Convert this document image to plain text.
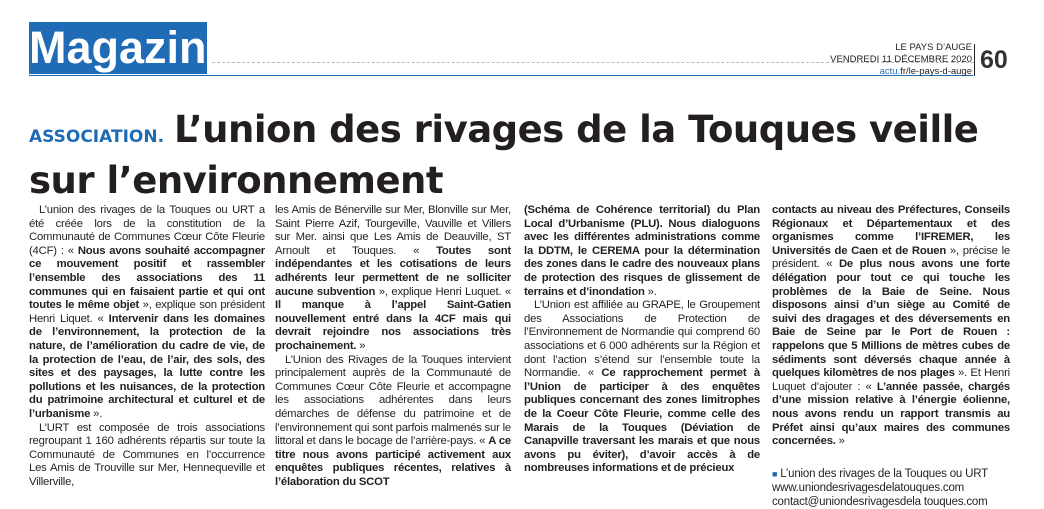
Magazine	LE PAYS D’AUGE
VENDREDI 11 DÉCEMBRE 2020
actu.fr/le-pays-d-auge 60
ASSOCIATION. L’union des rivages de la Touques veille sur l’environnement

L’union des rivages de la Touques ou URT a été créée lors de la constitution de la Communauté de Communes Cœur Côte Fleurie (4CF) : « Nous avons souhaité accompagner ce mouvement positif et rassembler l’ensemble des associations des 11 communes qui en faisaient partie et qui ont toutes le même objet », explique son président Henri Liquet. « Intervenir dans les domaines de l’environnement, la protection de la nature, de l’amélioration du cadre de vie, de la protection de l’eau, de l’air, des sols, des sites et des paysages, la lutte contre les pollutions et les nuisances, de la protection du patrimoine architectural et culturel et de l’urbanisme ».

L’URT est composée de trois associations regroupant 1 160 adhérents répartis sur toute la Communauté de Communes en l’occurrence Les Amis de Trouville sur Mer, Hennequeville et Villerville,

les Amis de Bénerville sur Mer, Blonville sur Mer, Saint Pierre Azif, Tourgeville, Vauville et Villers sur Mer. ainsi que Les Amis de Deauville, ST Arnoult et Touques. « Toutes sont indépendantes et les cotisations de leurs adhérents leur permettent de ne solliciter aucune subvention », explique Henri Luquet. « Il manque à l’appel Saint-Gatien nouvellement entré dans la 4CF mais qui devrait rejoindre nos associations très prochainement. »

L’Union des Rivages de la Touques intervient principalement auprès de la Communauté de Communes Cœur Côte Fleurie et accompagne les associations adhérentes dans leurs démarches de défense du patrimoine et de l’environnement qui sont parfois malmenés sur le littoral et dans le bocage de l’arrière-pays. « A ce titre nous avons participé activement aux enquêtes publiques récentes, relatives à l’élaboration du SCOT

(Schéma de Cohérence territorial) du Plan Local d’Urbanisme (PLU). Nous dialoguons avec les différentes administrations comme la DDTM, le CEREMA pour la détermination des zones dans le cadre des nouveaux plans de protection des risques de glissement de terrains et d’inondation ».

L’Union est affiliée au GRAPE, le Groupement des Associations de Protection de l’Environnement de Normandie qui comprend 60 associations et 6 000 adhérents sur la Région et dont l’action s’étend sur l’ensemble toute la Normandie. « Ce rapprochement permet à l’Union de participer à des enquêtes publiques concernant des zones limitrophes de la Coeur Côte Fleurie, comme celle des Marais de la Touques (Déviation de Canapville traversant les marais et que nous avons pu éviter), d’avoir accès à de nombreuses informations et de précieux

contacts au niveau des Préfectures, Conseils Régionaux et Départementaux et des organismes comme l’IFREMER, les Universités de Caen et de Rouen », précise le président. « De plus nous avons une forte délégation pour tout ce qui touche les problèmes de la Baie de Seine. Nous disposons ainsi d’un siège au Comité de suivi des dragages et des déversements en Baie de Seine par le Port de Rouen : rappelons que 5 Millions de mètres cubes de sédiments sont déversés chaque année à quelques kilomètres de nos plages ». Et Henri Luquet d’ajouter : « L’année passée, chargés d’une mission relative à l’énergie éolienne, nous avons rendu un rapport transmis au Préfet ainsi qu’aux maires des communes concernées. »

■ L’union des rivages de la Touques ou URT
www.uniondesrivagesdelatouques.com
contact@uniondesrivagesdela touques.com
